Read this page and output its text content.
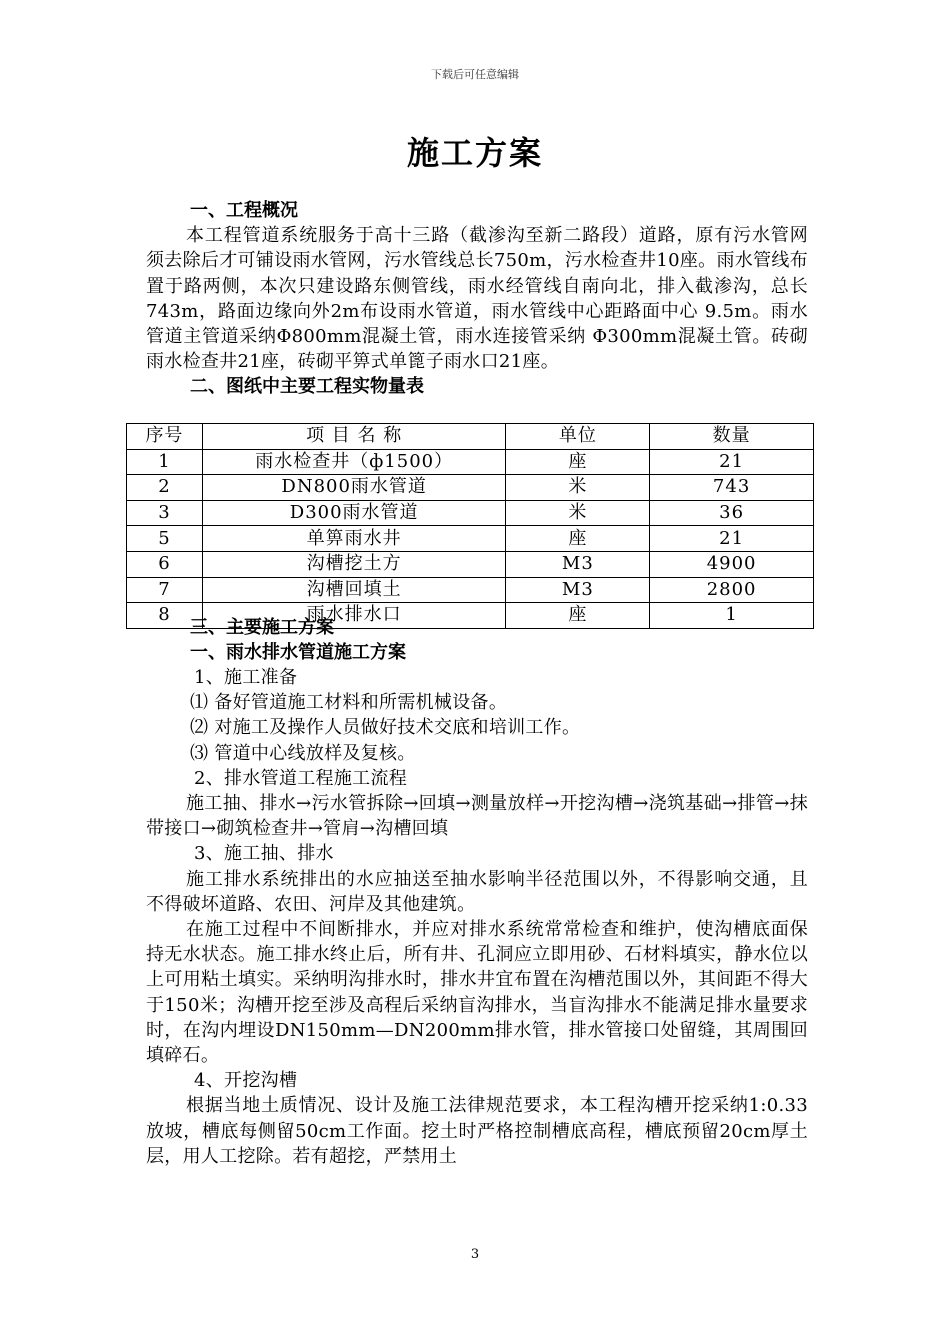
下载后可任意编辑
施工方案

一、工程概况

本工程管道系统服务于高十三路（截渗沟至新二路段）道路，原有污水管网须去除后才可铺设雨水管网，污水管线总长750m，污水检查井10座。雨水管线布置于路两侧，本次只建设路东侧管线，雨水经管线自南向北，排入截渗沟，总长743m，路面边缘向外2m布设雨水管道，雨水管线中心距路面中心 9.5m。雨水管道主管道采纳Φ800mm混凝土管，雨水连接管采纳 Φ300mm混凝土管。砖砌雨水检查井21座，砖砌平箅式单篦子雨水口21座。

二、图纸中主要工程实物量表

三、主要施工方案

一、雨水排水管道施工方案

1、施工准备

⑴ 备好管道施工材料和所需机械设备。

⑵ 对施工及操作人员做好技术交底和培训工作。

⑶ 管道中心线放样及复核。

2、排水管道工程施工流程

施工抽、排水→污水管拆除→回填→测量放样→开挖沟槽→浇筑基础→排管→抹带接口→砌筑检查井→管肩→沟槽回填

3、施工抽、排水

施工排水系统排出的水应抽送至抽水影响半径范围以外，不得影响交通，且不得破坏道路、农田、河岸及其他建筑。

在施工过程中不间断排水，并应对排水系统常常检查和维护，使沟槽底面保持无水状态。施工排水终止后，所有井、孔洞应立即用砂、石材料填实，静水位以上可用粘土填实。采纳明沟排水时，排水井宜布置在沟槽范围以外，其间距不得大于150米；沟槽开挖至涉及高程后采纳盲沟排水，当盲沟排水不能满足排水量要求时，在沟内埋设DN150mm—DN200mm排水管，排水管接口处留缝，其周围回填碎石。

4、开挖沟槽

根据当地土质情况、设计及施工法律规范要求，本工程沟槽开挖采纳1:0.33放坡，槽底每侧留50cm工作面。挖土时严格控制槽底高程，槽底预留20cm厚土层，用人工挖除。若有超挖，严禁用土

序号	项 目 名 称	单位	数量
1	雨水检查井（ф1500）	座	21
2	DN800雨水管道	米	743
3	D300雨水管道	米	36
5	单箅雨水井	座	21
6	沟槽挖土方	M3	4900
7	沟槽回填土	M3	2800
8	雨水排水口	座	1
3
